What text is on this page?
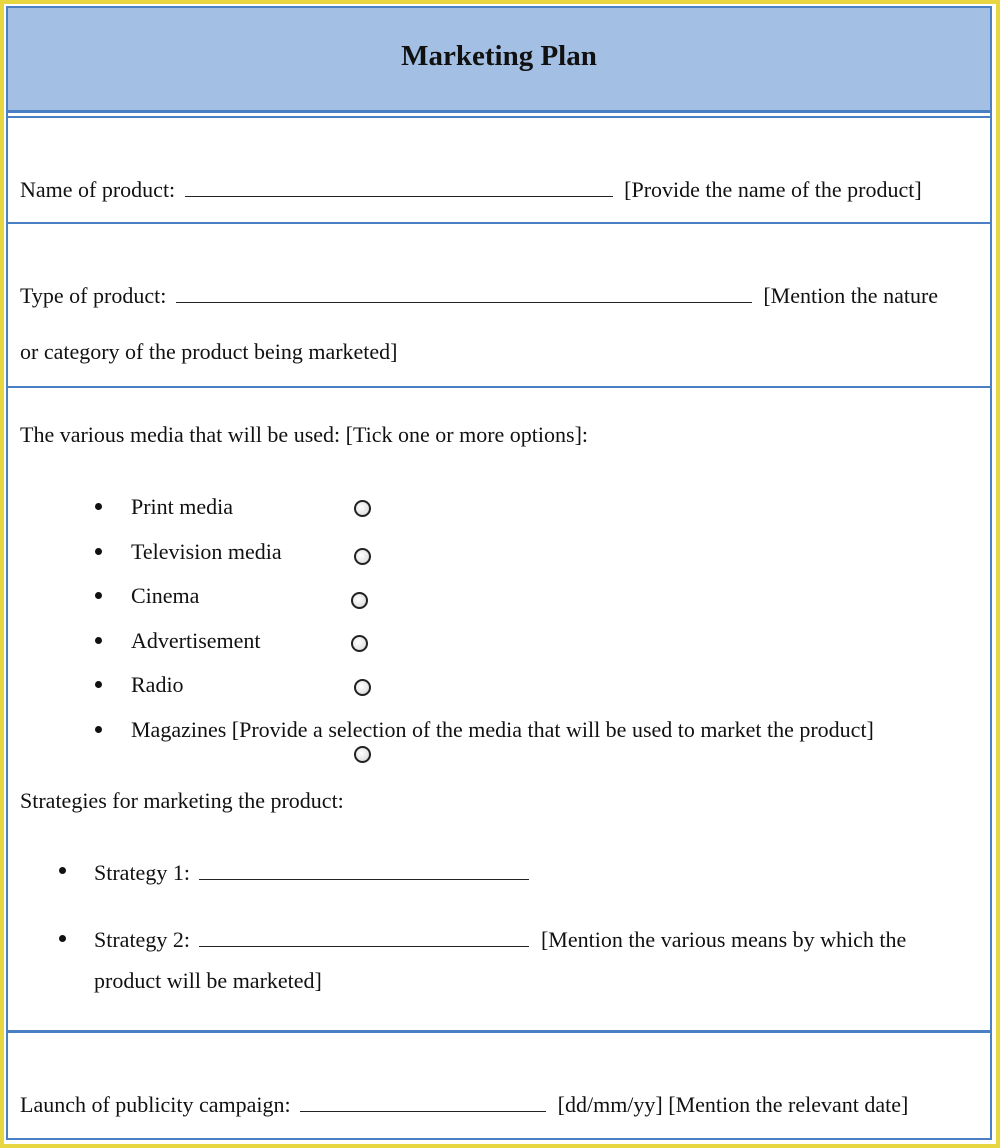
Marketing Plan
Name of product:	[Provide the name of the product]
Type of product:	[Mention the nature
or category of the product being marketed]
The various media that will be used: [Tick one or more options]:
Print media
Television media
Cinema
Advertisement
Radio
Magazines [Provide a selection of the media that will be used to market the product]
Strategies for marketing the product:
Strategy 1:
Strategy 2:	[Mention the various means by which the
product will be marketed]
Launch of publicity campaign:	[dd/mm/yy] [Mention the relevant date]
